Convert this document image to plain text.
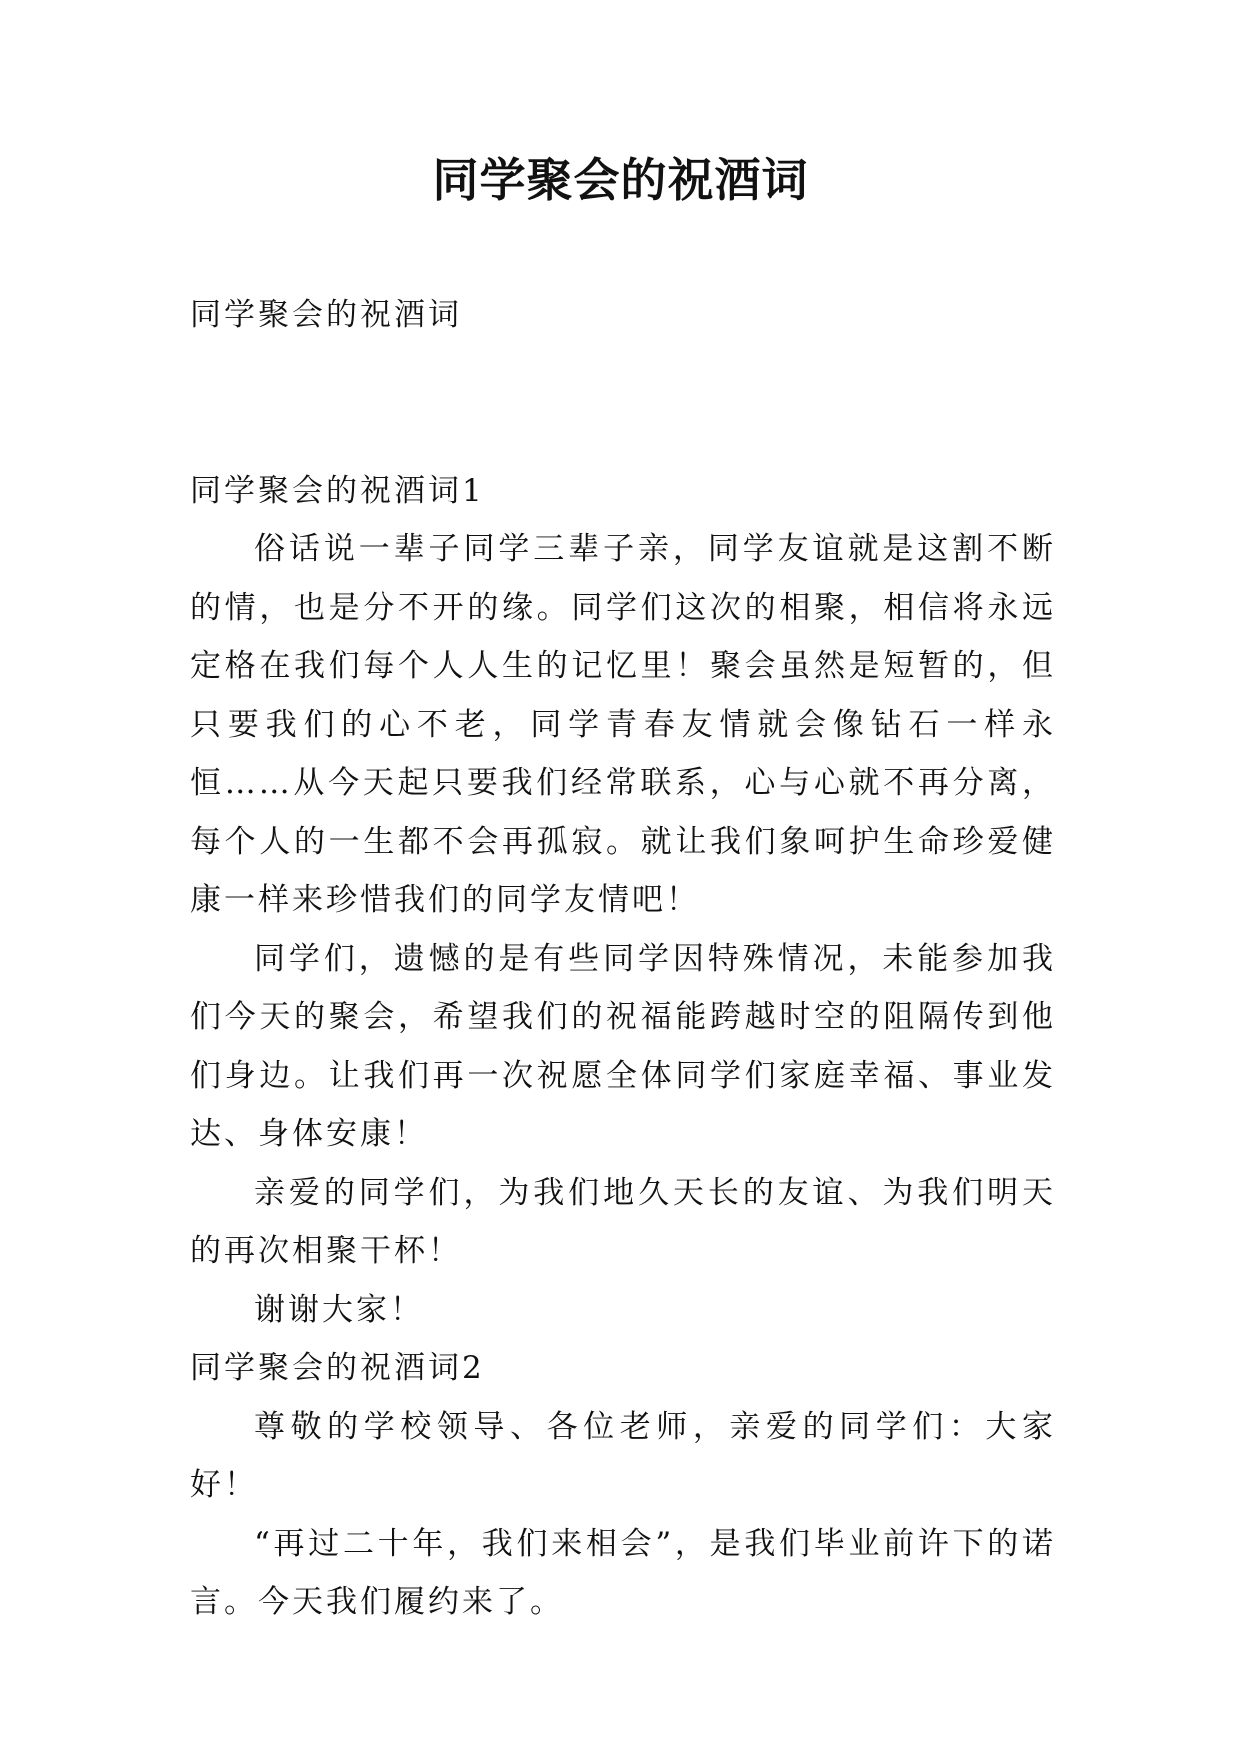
同学聚会的祝酒词

同学聚会的祝酒词

同学聚会的祝酒词1

俗话说一辈子同学三辈子亲，同学友谊就是这割不断的情，也是分不开的缘。同学们这次的相聚，相信将永远定格在我们每个人人生的记忆里！聚会虽然是短暂的，但只要我们的心不老，同学青春友情就会像钻石一样永恒……从今天起只要我们经常联系，心与心就不再分离，每个人的一生都不会再孤寂。就让我们象呵护生命珍爱健康一样来珍惜我们的同学友情吧！

同学们，遗憾的是有些同学因特殊情况，未能参加我们今天的聚会，希望我们的祝福能跨越时空的阻隔传到他们身边。让我们再一次祝愿全体同学们家庭幸福、事业发达、身体安康！

亲爱的同学们，为我们地久天长的友谊、为我们明天的再次相聚干杯！

谢谢大家！

同学聚会的祝酒词2

尊敬的学校领导、各位老师，亲爱的同学们：大家好！

“再过二十年，我们来相会”，是我们毕业前许下的诺言。今天我们履约来了。
